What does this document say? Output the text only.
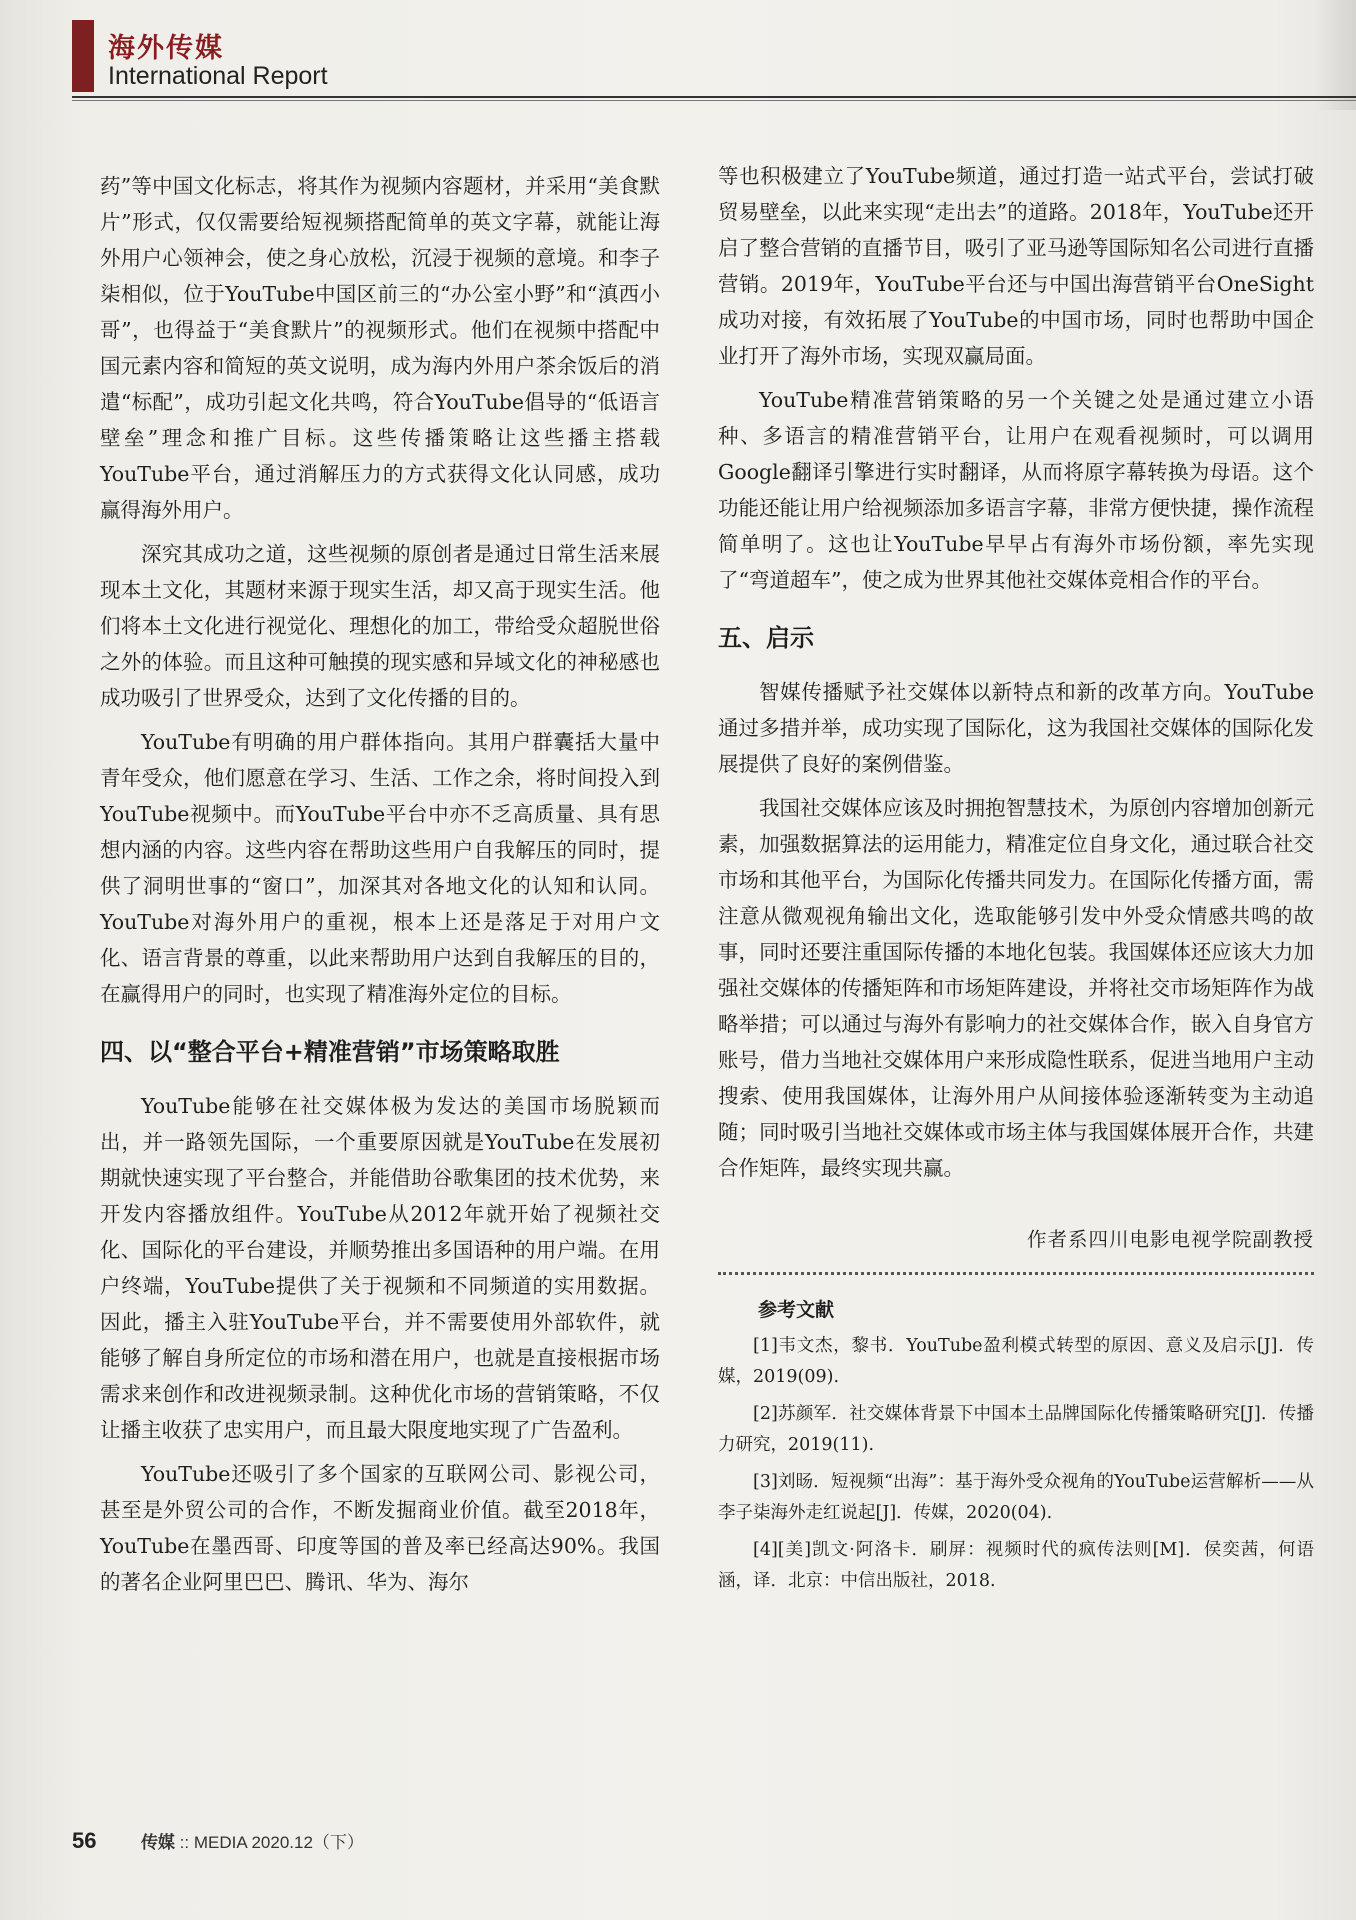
海外传媒
International Report

药”等中国文化标志，将其作为视频内容题材，并采用“美食默片”形式，仅仅需要给短视频搭配简单的英文字幕，就能让海外用户心领神会，使之身心放松，沉浸于视频的意境。和李子柒相似，位于YouTube中国区前三的“办公室小野”和“滇西小哥”，也得益于“美食默片”的视频形式。他们在视频中搭配中国元素内容和简短的英文说明，成为海内外用户茶余饭后的消遣“标配”，成功引起文化共鸣，符合YouTube倡导的“低语言壁垒”理念和推广目标。这些传播策略让这些播主搭载YouTube平台，通过消解压力的方式获得文化认同感，成功赢得海外用户。

深究其成功之道，这些视频的原创者是通过日常生活来展现本土文化，其题材来源于现实生活，却又高于现实生活。他们将本土文化进行视觉化、理想化的加工，带给受众超脱世俗之外的体验。而且这种可触摸的现实感和异域文化的神秘感也成功吸引了世界受众，达到了文化传播的目的。

YouTube有明确的用户群体指向。其用户群囊括大量中青年受众，他们愿意在学习、生活、工作之余，将时间投入到YouTube视频中。而YouTube平台中亦不乏高质量、具有思想内涵的内容。这些内容在帮助这些用户自我解压的同时，提供了洞明世事的“窗口”，加深其对各地文化的认知和认同。YouTube对海外用户的重视，根本上还是落足于对用户文化、语言背景的尊重，以此来帮助用户达到自我解压的目的，在赢得用户的同时，也实现了精准海外定位的目标。

四、以“整合平台+精准营销”市场策略取胜

YouTube能够在社交媒体极为发达的美国市场脱颖而出，并一路领先国际，一个重要原因就是YouTube在发展初期就快速实现了平台整合，并能借助谷歌集团的技术优势，来开发内容播放组件。YouTube从2012年就开始了视频社交化、国际化的平台建设，并顺势推出多国语种的用户端。在用户终端，YouTube提供了关于视频和不同频道的实用数据。因此，播主入驻YouTube平台，并不需要使用外部软件，就能够了解自身所定位的市场和潜在用户，也就是直接根据市场需求来创作和改进视频录制。这种优化市场的营销策略，不仅让播主收获了忠实用户，而且最大限度地实现了广告盈利。

YouTube还吸引了多个国家的互联网公司、影视公司，甚至是外贸公司的合作，不断发掘商业价值。截至2018年，YouTube在墨西哥、印度等国的普及率已经高达90%。我国的著名企业阿里巴巴、腾讯、华为、海尔

等也积极建立了YouTube频道，通过打造一站式平台，尝试打破贸易壁垒，以此来实现“走出去”的道路。2018年，YouTube还开启了整合营销的直播节目，吸引了亚马逊等国际知名公司进行直播营销。2019年，YouTube平台还与中国出海营销平台OneSight成功对接，有效拓展了YouTube的中国市场，同时也帮助中国企业打开了海外市场，实现双赢局面。

YouTube精准营销策略的另一个关键之处是通过建立小语种、多语言的精准营销平台，让用户在观看视频时，可以调用Google翻译引擎进行实时翻译，从而将原字幕转换为母语。这个功能还能让用户给视频添加多语言字幕，非常方便快捷，操作流程简单明了。这也让YouTube早早占有海外市场份额，率先实现了“弯道超车”，使之成为世界其他社交媒体竞相合作的平台。

五、启示

智媒传播赋予社交媒体以新特点和新的改革方向。YouTube通过多措并举，成功实现了国际化，这为我国社交媒体的国际化发展提供了良好的案例借鉴。

我国社交媒体应该及时拥抱智慧技术，为原创内容增加创新元素，加强数据算法的运用能力，精准定位自身文化，通过联合社交市场和其他平台，为国际化传播共同发力。在国际化传播方面，需注意从微观视角输出文化，选取能够引发中外受众情感共鸣的故事，同时还要注重国际传播的本地化包装。我国媒体还应该大力加强社交媒体的传播矩阵和市场矩阵建设，并将社交市场矩阵作为战略举措；可以通过与海外有影响力的社交媒体合作，嵌入自身官方账号，借力当地社交媒体用户来形成隐性联系，促进当地用户主动搜索、使用我国媒体，让海外用户从间接体验逐渐转变为主动追随；同时吸引当地社交媒体或市场主体与我国媒体展开合作，共建合作矩阵，最终实现共赢。

作者系四川电影电视学院副教授
参考文献
[1]韦文杰，黎书．YouTube盈利模式转型的原因、意义及启示[J]．传媒，2019(09).
[2]苏颜军．社交媒体背景下中国本土品牌国际化传播策略研究[J]．传播力研究，2019(11).
[3]刘旸．短视频“出海”：基于海外受众视角的YouTube运营解析——从李子柒海外走红说起[J]．传媒，2020(04).
[4][美]凯文·阿洛卡．刷屏：视频时代的疯传法则[M]．侯奕茜，何语涵，译．北京：中信出版社，2018.
56	传媒 :: MEDIA 2020.12（下）
